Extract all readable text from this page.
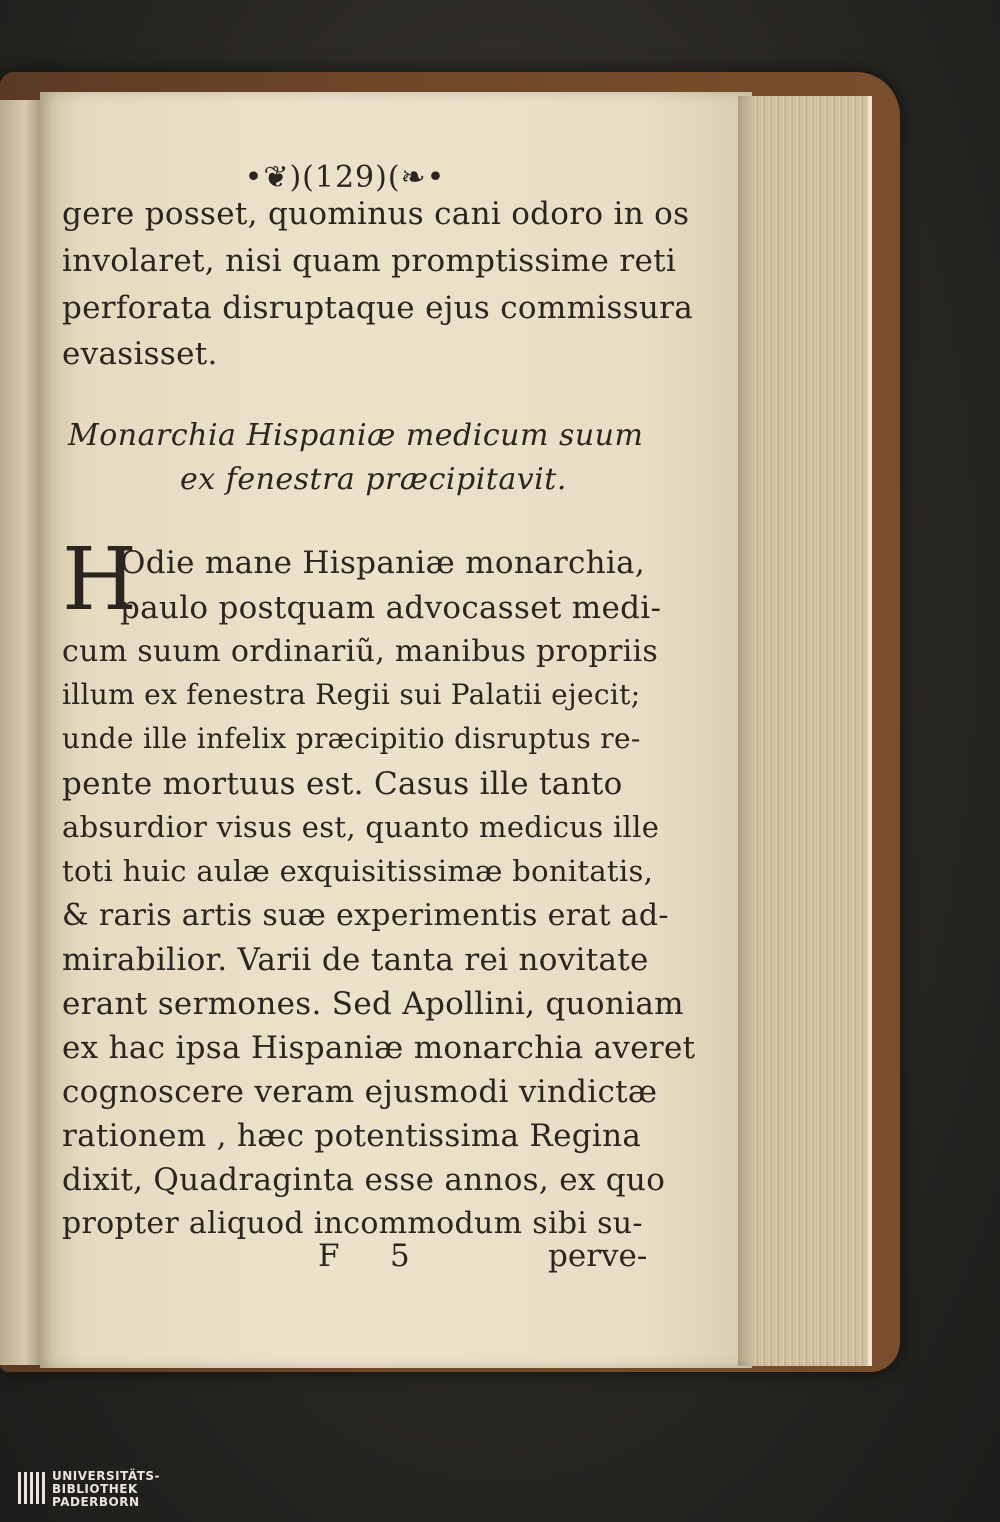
•❦)(129)(❧•
gere posset, quominus cani odoro in os
involaret, nisi quam promptissime reti
perforata disruptaque ejus commissura
evasisset.
Monarchia Hispaniæ medicum suum
ex fenestra præcipitavit.
H
Odie mane Hispaniæ monarchia,
paulo postquam advocasset medi-
cum suum ordinariũ, manibus propriis
illum ex fenestra Regii sui Palatii ejecit;
unde ille infelix præcipitio disruptus re-
pente mortuus est. Casus ille tanto
absurdior visus est, quanto medicus ille
toti huic aulæ exquisitissimæ bonitatis,
& raris artis suæ experimentis erat ad-
mirabilior. Varii de tanta rei novitate
erant sermones. Sed Apollini, quoniam
ex hac ipsa Hispaniæ monarchia averet
cognoscere veram ejusmodi vindictæ
rationem , hæc potentissima Regina
dixit, Quadraginta esse annos, ex quo
propter aliquod incommodum sibi su-
F 5	perve-
UNIVERSITÄTS-
BIBLIOTHEK
PADERBORN
